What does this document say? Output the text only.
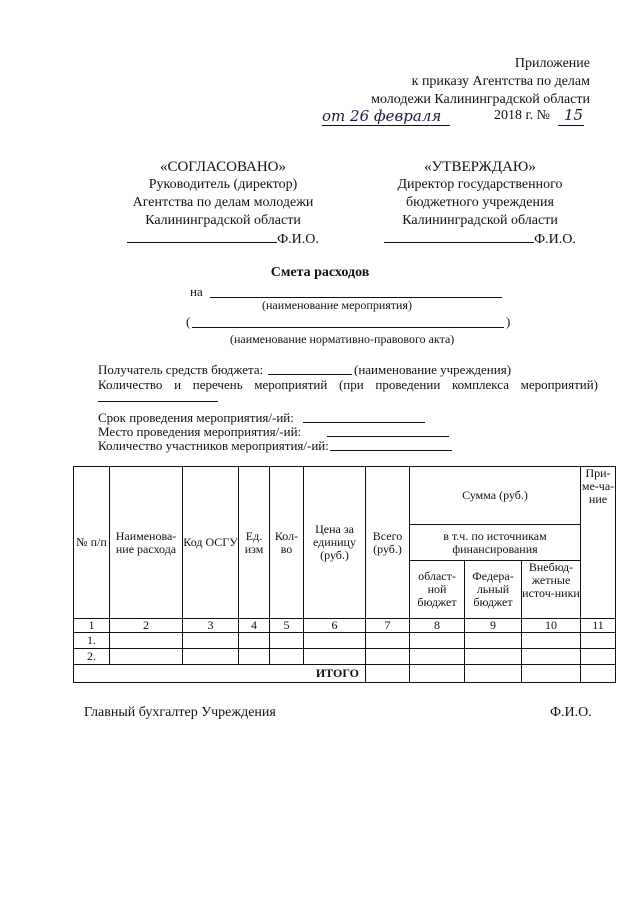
Приложение
к приказу Агентства по делам
молодежи Калининградской области
от 26 февраля	2018 г. № 15
«СОГЛАСОВАНО»
Руководитель (директор)
Агентства по делам молодежи
Калининградской области
Ф.И.О.
«УТВЕРЖДАЮ»
Директор государственного
бюджетного учреждения
Калининградской области
Ф.И.О.
Смета расходов
на
(наименование мероприятия)
(	)
(наименование нормативно-правового акта)
Получатель средств бюджета:	(наименование учреждения)
Количество и перечень мероприятий (при проведении комплекса мероприятий)
Срок проведения мероприятия/-ий:
Место проведения мероприятия/-ий:
Количество участников мероприятия/-ий:
№ п/п	Наименова-ние расхода	Код ОСГУ	Ед. изм	Кол-во	Цена за единицу (руб.)	Всего (руб.)	Сумма (руб.)			При-ме-ча-ние
							в т.ч. по источникам финансирования			
							област-ной бюджет	Федера-льный бюджет	Внебюд-жетные источ-ники	
1	2	3	4	5	6	7	8	9	10	11
1.										
2.										
ИТОГО										
Главный бухгалтер Учреждения	Ф.И.О.
